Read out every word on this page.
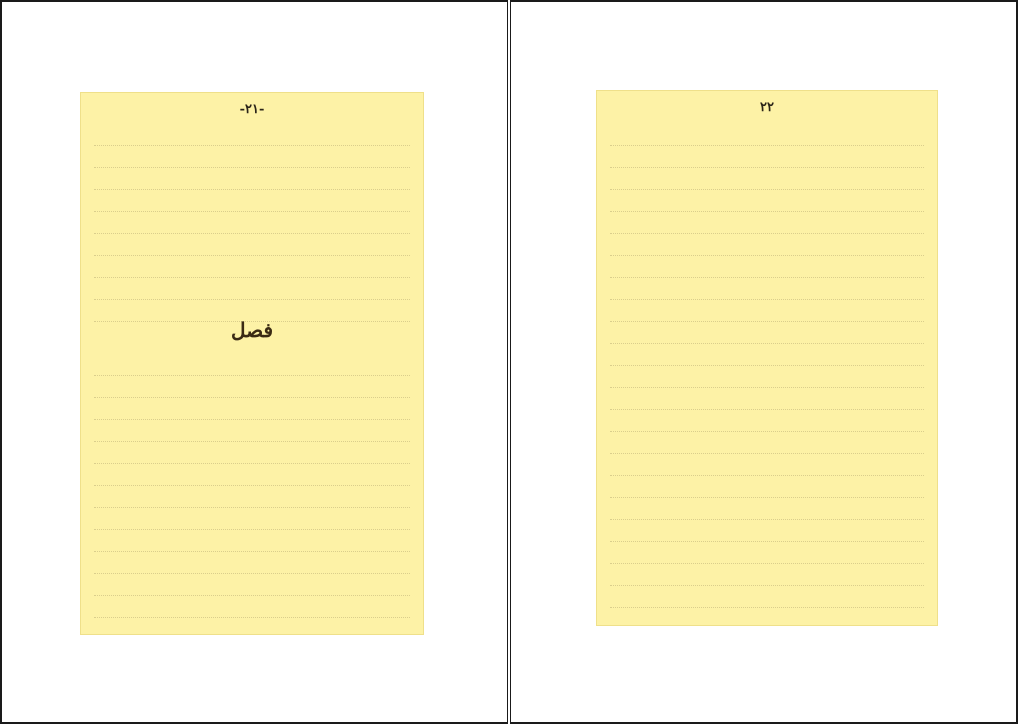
-٢١-
فصل
٢٢
